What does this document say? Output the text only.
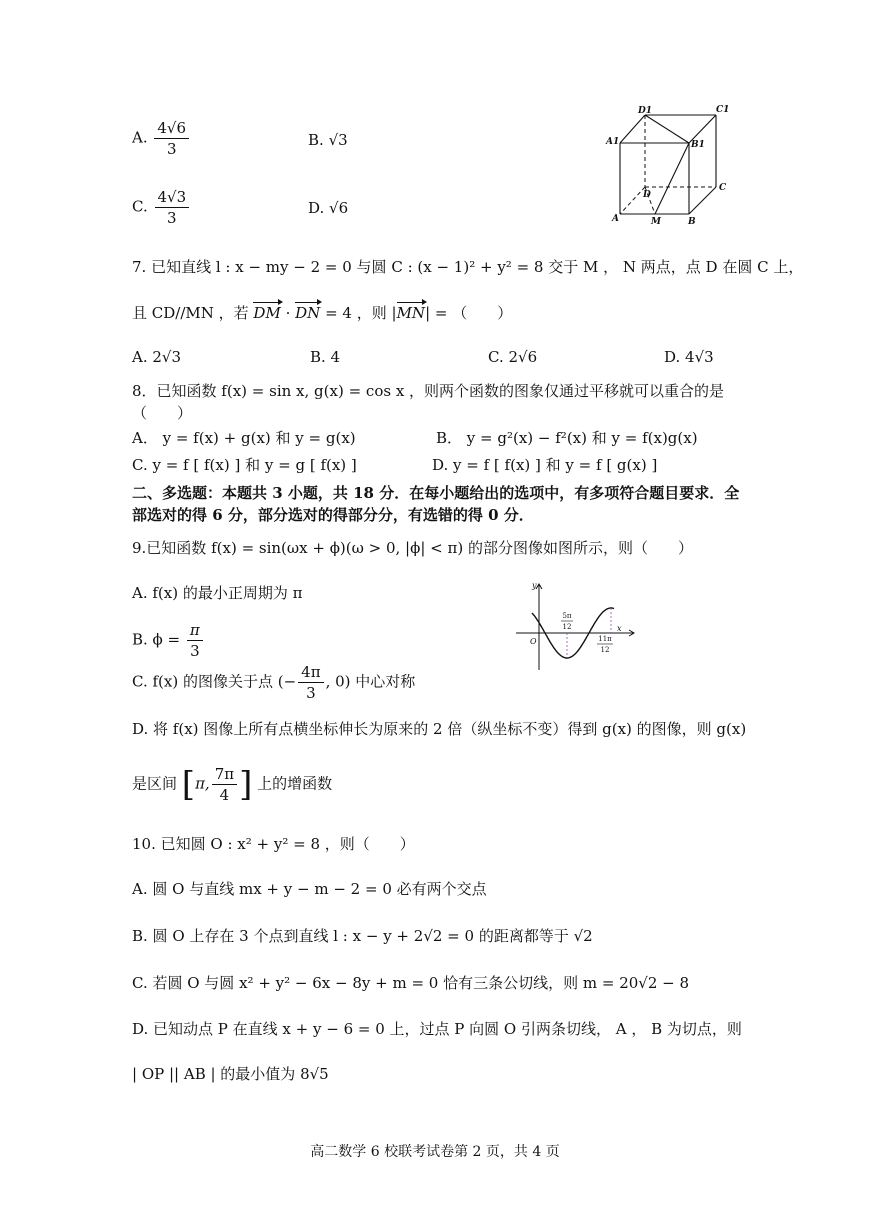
A. $\frac{4√6}{3}$	B. √3
C. $\frac{4√3}{3}$	D. √6
D1	C1
A1	B1
D
C
A	M	B
7. 已知直线 l : x − my − 2 = 0 与圆 C : (x − 1)² + y² = 8 交于 M ， N 两点，点 D 在圆 C 上，
且 CD//MN ，若 DM · DN = 4 ，则 |MN| = （　　）
A. 2√3	B. 4	C. 2√6	D. 4√3
8．已知函数 f(x) = sin x, g(x) = cos x ，则两个函数的图象仅通过平移就可以重合的是
（　　）
A． y = f(x) + g(x) 和 y = g(x)	B． y = g²(x) − f²(x) 和 y = f(x)g(x)
C. y = f [ f(x) ] 和 y = g [ f(x) ]	D. y = f [ f(x) ] 和 y = f [ g(x) ]
二、多选题：本题共 3 小题，共 18 分．在每小题给出的选项中，有多项符合题目要求．全
部选对的得 6 分，部分选对的得部分分，有选错的得 0 分．
9.已知函数 f(x) = sin(ωx + ϕ)(ω > 0, |ϕ| < π) 的部分图像如图所示，则（　　）
A. f(x) 的最小正周期为 π
B. $\phi = \frac{\pi}{3}$
C. f(x) 的图像关于点 (− $\frac{4\pi}{3}$ , 0) 中心对称
D. 将 f(x) 图像上所有点横坐标伸长为原来的 2 倍（纵坐标不变）得到 g(x) 的图像，则 g(x)
是区间 [π, $\frac{7\pi}{4}$ ] 上的增函数
y
x
O
5π
12
11π
12
10. 已知圆 O : x² + y² = 8 ，则（　　）
A. 圆 O 与直线 mx + y − m − 2 = 0 必有两个交点
B. 圆 O 上存在 3 个点到直线 l : x − y + 2√2 = 0 的距离都等于 √2
C. 若圆 O 与圆 x² + y² − 6x − 8y + m = 0 恰有三条公切线，则 m = 20√2 − 8
D. 已知动点 P 在直线 x + y − 6 = 0 上，过点 P 向圆 O 引两条切线， A ， B 为切点，则
| OP || AB | 的最小值为 8√5
高二数学 6 校联考试卷第 2 页，共 4 页
